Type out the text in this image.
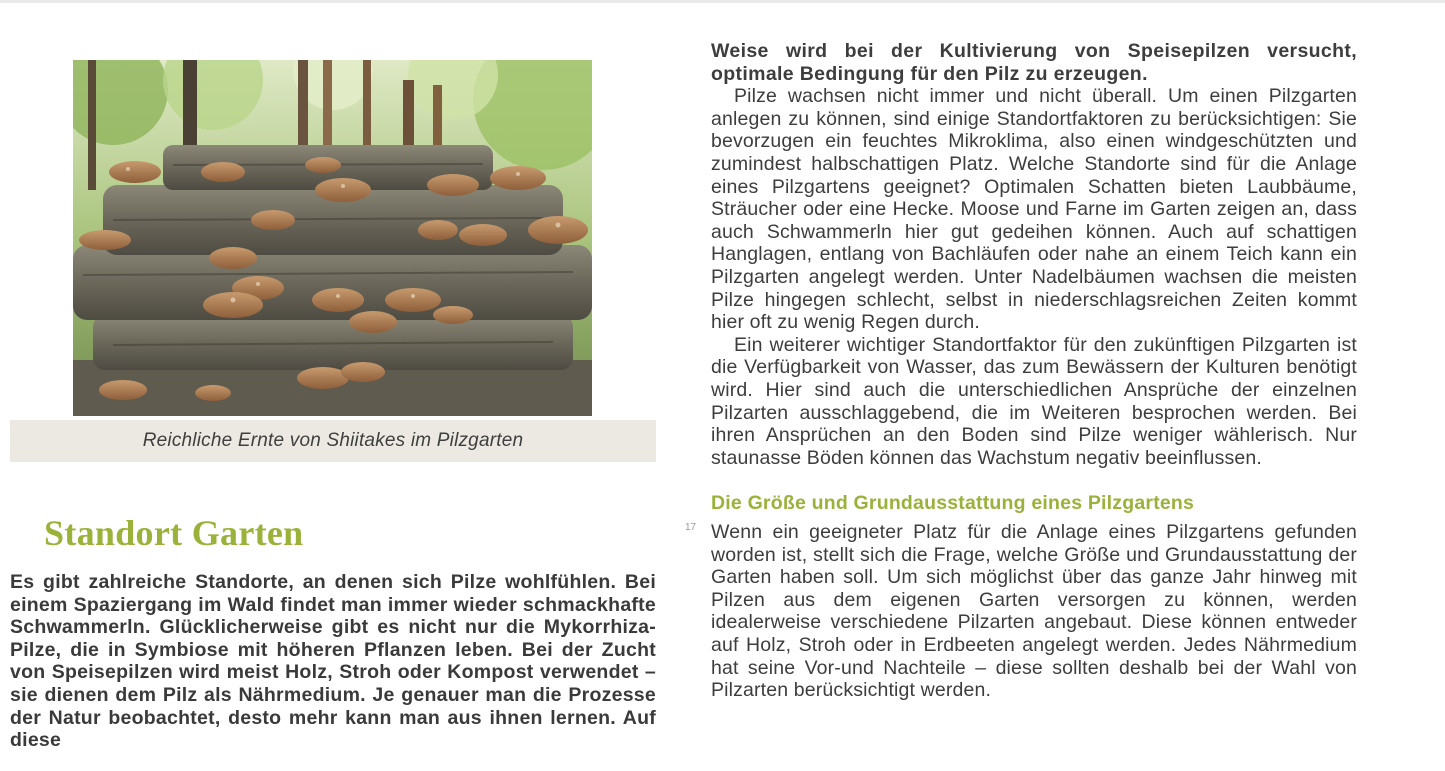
Reichliche Ernte von Shiitakes im Pilzgarten
Standort Garten

Es gibt zahlreiche Standorte, an denen sich Pilze wohlfühlen. Bei einem Spaziergang im Wald findet man immer wieder schmackhafte Schwammerln. Glücklicherweise gibt es nicht nur die Mykorrhiza-Pilze, die in Symbiose mit höheren Pflanzen leben. Bei der Zucht von Speisepilzen wird meist Holz, Stroh oder Kompost verwendet – sie dienen dem Pilz als Nährmedium. Je genauer man die Prozesse der Natur beobachtet, desto mehr kann man aus ihnen lernen. Auf diese

17

Weise wird bei der Kultivierung von Speisepilzen versucht, optimale Bedingung für den Pilz zu erzeugen.

Pilze wachsen nicht immer und nicht überall. Um einen Pilzgarten anlegen zu können, sind einige Standortfaktoren zu berücksichtigen: Sie bevorzugen ein feuchtes Mikroklima, also einen windgeschützten und zumindest halbschattigen Platz. Welche Standorte sind für die Anlage eines Pilzgartens geeignet? Optimalen Schatten bieten Laubbäume, Sträucher oder eine Hecke. Moose und Farne im Garten zeigen an, dass auch Schwammerln hier gut gedeihen können. Auch auf schattigen Hanglagen, entlang von Bachläufen oder nahe an einem Teich kann ein Pilzgarten angelegt werden. Unter Nadelbäumen wachsen die meisten Pilze hingegen schlecht, selbst in niederschlagsreichen Zeiten kommt hier oft zu wenig Regen durch.

Ein weiterer wichtiger Standortfaktor für den zukünftigen Pilzgarten ist die Verfügbarkeit von Wasser, das zum Bewässern der Kulturen benötigt wird. Hier sind auch die unterschiedlichen Ansprüche der einzelnen Pilzarten ausschlaggebend, die im Weiteren besprochen werden. Bei ihren Ansprüchen an den Boden sind Pilze weniger wählerisch. Nur staunasse Böden können das Wachstum negativ beeinflussen.

Die Größe und Grundausstattung eines Pilzgartens

Wenn ein geeigneter Platz für die Anlage eines Pilzgartens gefunden worden ist, stellt sich die Frage, welche Größe und Grundausstattung der Garten haben soll. Um sich möglichst über das ganze Jahr hinweg mit Pilzen aus dem eigenen Garten versorgen zu können, werden idealerweise verschiedene Pilzarten angebaut. Diese können entweder auf Holz, Stroh oder in Erdbeeten angelegt werden. Jedes Nährmedium hat seine Vor-und Nachteile – diese sollten deshalb bei der Wahl von Pilzarten berücksichtigt werden.
